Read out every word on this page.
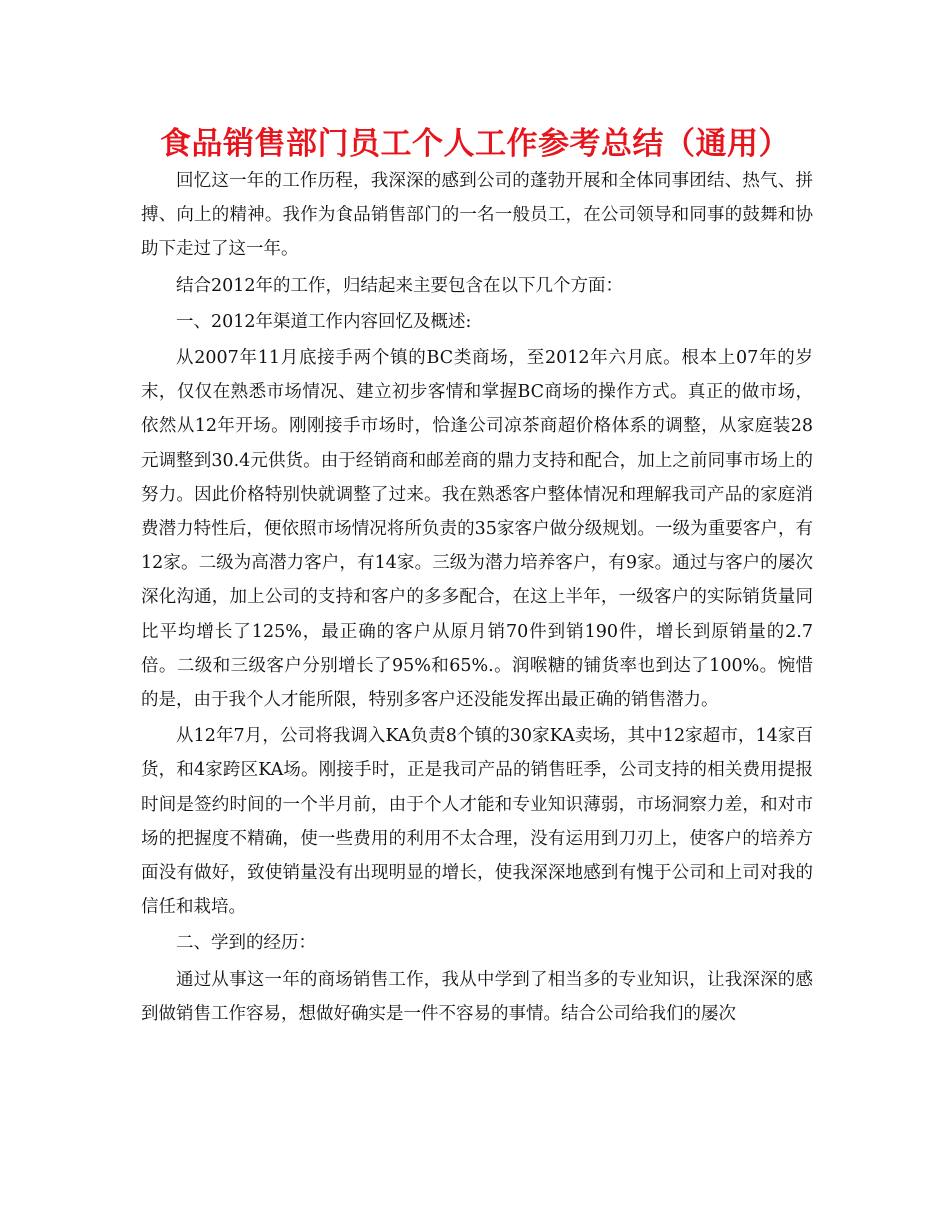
食品销售部门员工个人工作参考总结（通用）

回忆这一年的工作历程，我深深的感到公司的蓬勃开展和全体同事团结、热气、拼搏、向上的精神。我作为食品销售部门的一名一般员工，在公司领导和同事的鼓舞和协助下走过了这一年。

结合2012年的工作，归结起来主要包含在以下几个方面：

一、2012年渠道工作内容回忆及概述:

从2007年11月底接手两个镇的BC类商场，至2012年六月底。根本上07年的岁末，仅仅在熟悉市场情况、建立初步客情和掌握BC商场的操作方式。真正的做市场，依然从12年开场。刚刚接手市场时，恰逢公司凉茶商超价格体系的调整，从家庭装28元调整到30.4元供货。由于经销商和邮差商的鼎力支持和配合，加上之前同事市场上的努力。因此价格特别快就调整了过来。我在熟悉客户整体情况和理解我司产品的家庭消费潜力特性后，便依照市场情况将所负责的35家客户做分级规划。一级为重要客户，有12家。二级为高潜力客户，有14家。三级为潜力培养客户，有9家。通过与客户的屡次深化沟通，加上公司的支持和客户的多多配合，在这上半年，一级客户的实际销货量同比平均增长了125%，最正确的客户从原月销70件到销190件，增长到原销量的2.7倍。二级和三级客户分别增长了95%和65%.。润喉糖的铺货率也到达了100%。惋惜的是，由于我个人才能所限，特别多客户还没能发挥出最正确的销售潜力。

从12年7月，公司将我调入KA负责8个镇的30家KA卖场，其中12家超市，14家百货，和4家跨区KA场。刚接手时，正是我司产品的销售旺季，公司支持的相关费用提报时间是签约时间的一个半月前，由于个人才能和专业知识薄弱，市场洞察力差，和对市场的把握度不精确，使一些费用的利用不太合理，没有运用到刀刃上，使客户的培养方面没有做好，致使销量没有出现明显的增长，使我深深地感到有愧于公司和上司对我的信任和栽培。

二、学到的经历：

通过从事这一年的商场销售工作，我从中学到了相当多的专业知识，让我深深的感到做销售工作容易，想做好确实是一件不容易的事情。结合公司给我们的屡次
